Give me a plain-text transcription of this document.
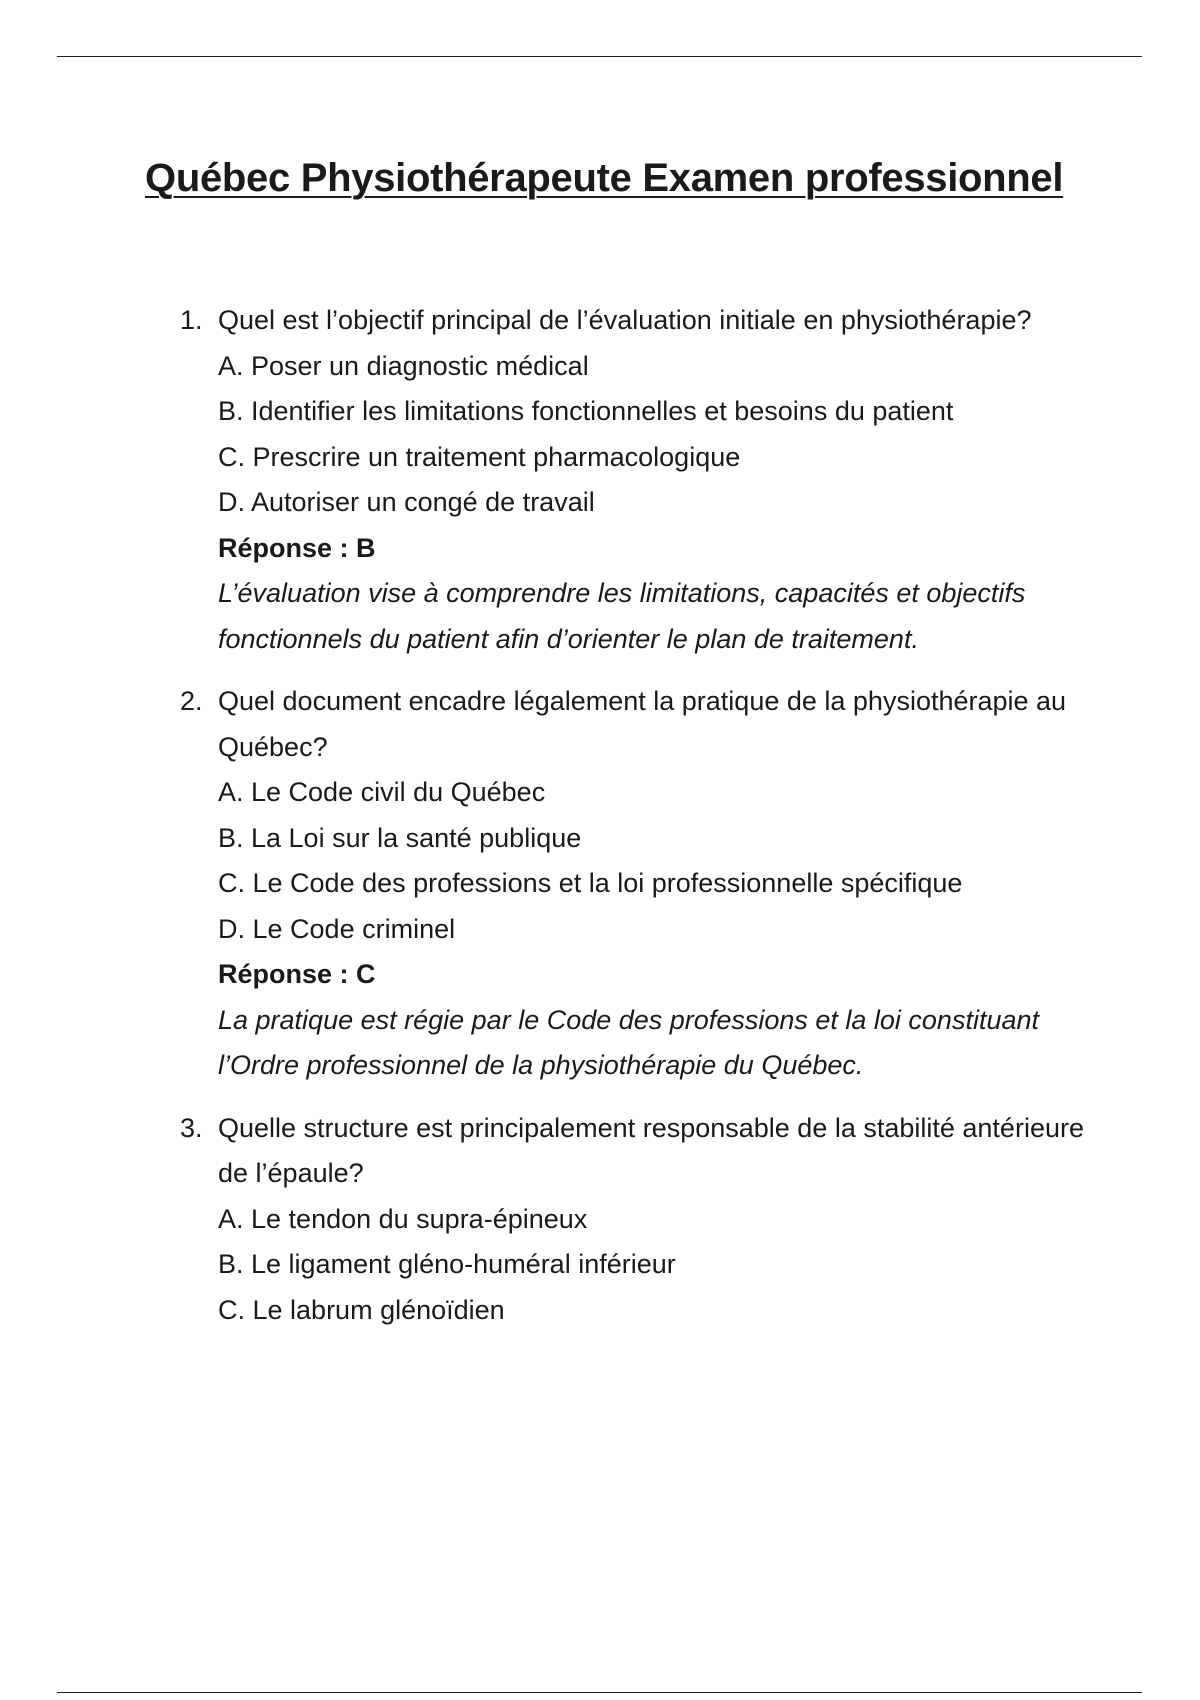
Québec Physiothérapeute Examen professionnel
1. Quel est l’objectif principal de l’évaluation initiale en physiothérapie?
A. Poser un diagnostic médical
B. Identifier les limitations fonctionnelles et besoins du patient
C. Prescrire un traitement pharmacologique
D. Autoriser un congé de travail
Réponse : B
L’évaluation vise à comprendre les limitations, capacités et objectifs fonctionnels du patient afin d’orienter le plan de traitement.
2. Quel document encadre légalement la pratique de la physiothérapie au Québec?
A. Le Code civil du Québec
B. La Loi sur la santé publique
C. Le Code des professions et la loi professionnelle spécifique
D. Le Code criminel
Réponse : C
La pratique est régie par le Code des professions et la loi constituant l’Ordre professionnel de la physiothérapie du Québec.
3. Quelle structure est principalement responsable de la stabilité antérieure de l’épaule?
A. Le tendon du supra-épineux
B. Le ligament gléno-huméral inférieur
C. Le labrum glénoïdien
